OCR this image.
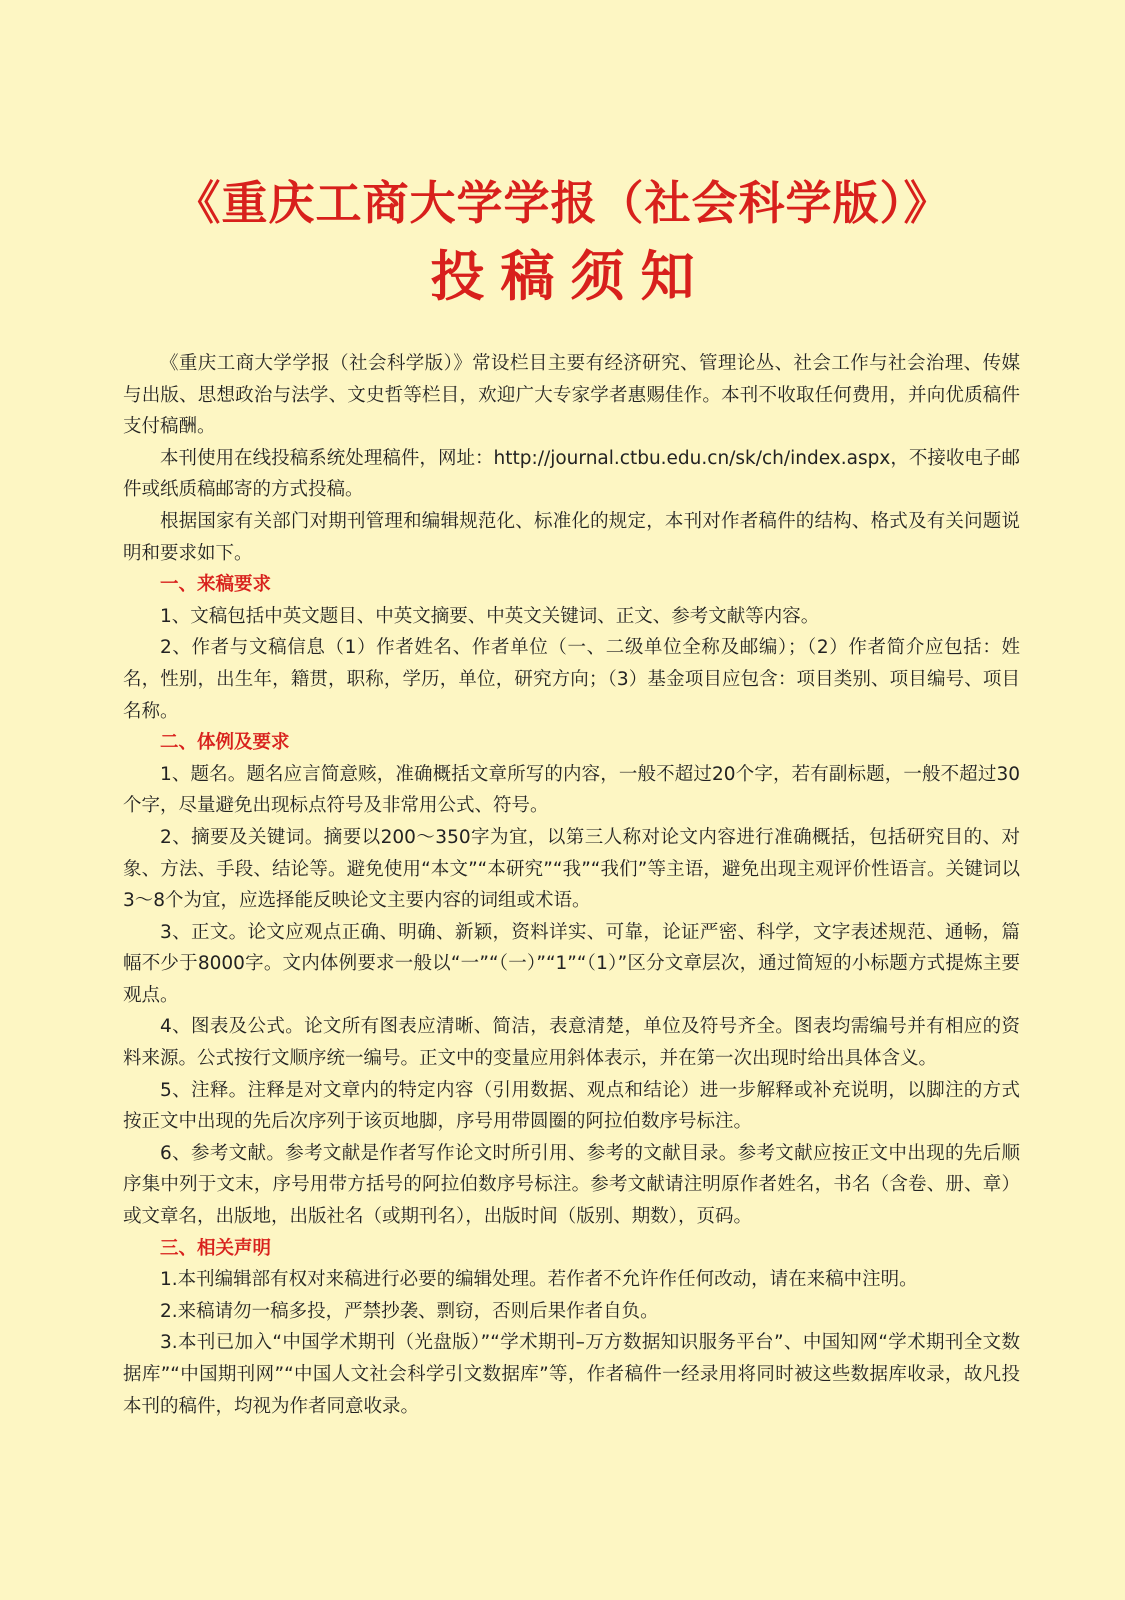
《重庆工商大学学报（社会科学版）》
投稿须知

《重庆工商大学学报（社会科学版）》常设栏目主要有经济研究、管理论丛、社会工作与社会治理、传媒与出版、思想政治与法学、文史哲等栏目，欢迎广大专家学者惠赐佳作。本刊不收取任何费用，并向优质稿件支付稿酬。

本刊使用在线投稿系统处理稿件，网址：http://journal.ctbu.edu.cn/sk/ch/index.aspx，不接收电子邮件或纸质稿邮寄的方式投稿。

根据国家有关部门对期刊管理和编辑规范化、标准化的规定，本刊对作者稿件的结构、格式及有关问题说明和要求如下。

一、来稿要求

1、文稿包括中英文题目、中英文摘要、中英文关键词、正文、参考文献等内容。

2、作者与文稿信息（1）作者姓名、作者单位（一、二级单位全称及邮编）；（2）作者简介应包括：姓名，性别，出生年，籍贯，职称，学历，单位，研究方向；（3）基金项目应包含：项目类别、项目编号、项目名称。

二、体例及要求

1、题名。题名应言简意赅，准确概括文章所写的内容，一般不超过20个字，若有副标题，一般不超过30个字，尽量避免出现标点符号及非常用公式、符号。

2、摘要及关键词。摘要以200～350字为宜，以第三人称对论文内容进行准确概括，包括研究目的、对象、方法、手段、结论等。避免使用“本文”“本研究”“我”“我们”等主语，避免出现主观评价性语言。关键词以3～8个为宜，应选择能反映论文主要内容的词组或术语。

3、正文。论文应观点正确、明确、新颖，资料详实、可靠，论证严密、科学，文字表述规范、通畅，篇幅不少于8000字。文内体例要求一般以“一”“（一）”“1”“（1）”区分文章层次，通过简短的小标题方式提炼主要观点。

4、图表及公式。论文所有图表应清晰、简洁，表意清楚，单位及符号齐全。图表均需编号并有相应的资料来源。公式按行文顺序统一编号。正文中的变量应用斜体表示，并在第一次出现时给出具体含义。

5、注释。注释是对文章内的特定内容（引用数据、观点和结论）进一步解释或补充说明，以脚注的方式按正文中出现的先后次序列于该页地脚，序号用带圆圈的阿拉伯数序号标注。

6、参考文献。参考文献是作者写作论文时所引用、参考的文献目录。参考文献应按正文中出现的先后顺序集中列于文末，序号用带方括号的阿拉伯数序号标注。参考文献请注明原作者姓名，书名（含卷、册、章）或文章名，出版地，出版社名（或期刊名），出版时间（版别、期数），页码。

三、相关声明

1.本刊编辑部有权对来稿进行必要的编辑处理。若作者不允许作任何改动，请在来稿中注明。

2.来稿请勿一稿多投，严禁抄袭、剽窃，否则后果作者自负。

3.本刊已加入“中国学术期刊（光盘版）”“学术期刊–万方数据知识服务平台”、中国知网“学术期刊全文数据库”“中国期刊网”“中国人文社会科学引文数据库”等，作者稿件一经录用将同时被这些数据库收录，故凡投本刊的稿件，均视为作者同意收录。
